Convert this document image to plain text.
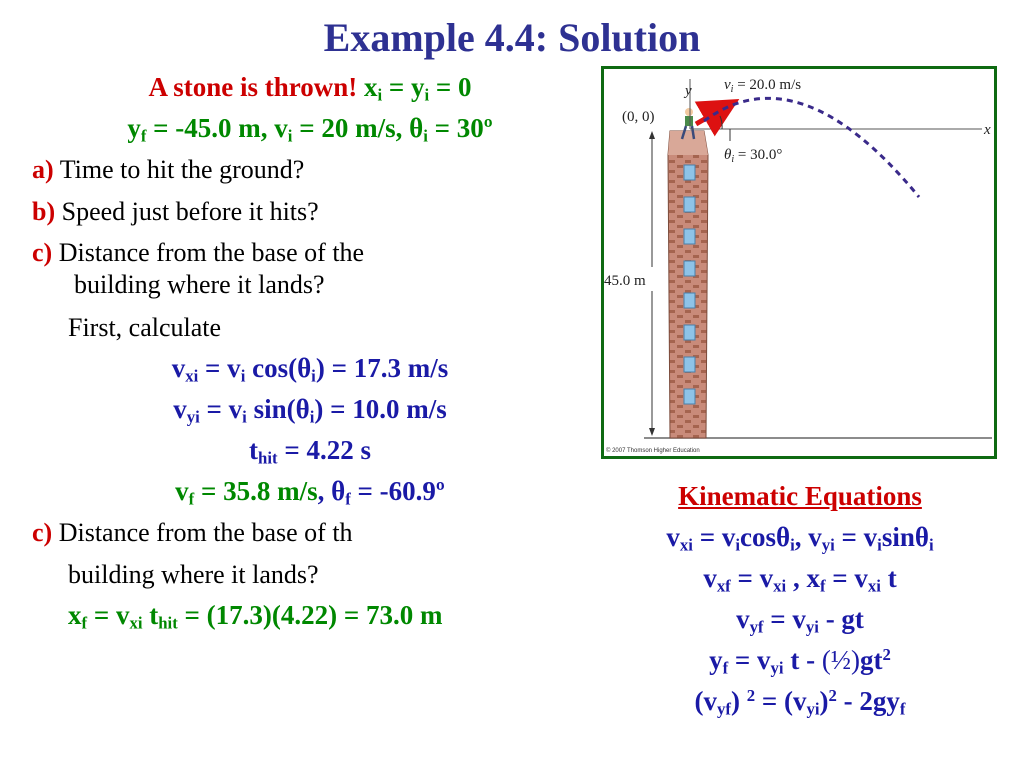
Example 4.4: Solution
A stone is thrown! $x_i = y_i = 0$
$y_f = -45.0$ m, $v_i = 20$ m/s, $\theta_i$ = 30º
a) Time to hit the ground?
b) Speed just before it hits?
c) Distance from the base of the
building where it lands?
First, calculate
$v_{xi} = v_i$ $\cos(\theta_i) = 17.3$ m/s
$v_{yi} = v_i$ $\sin(\theta_i) = 10.0$ m/s
$t_{hit} = 4.22$ s
$v_f = 35.8$ m/s, $\theta_f$ = -60.9º
c) Distance from the base of th
building where it lands?
$x_f = v_{xi}$ $t_{hit} = (17.3)(4.22) = 73.0$ m
$v_i = 20.0$ m/s
(0, 0)
y
x
$\theta_i = 30.0^\circ$
45.0 m
© 2007 Thomson Higher Education
Kinematic Equations
$v_{xi} = v_i\cos\theta_i$, $v_{yi} = v_i\sin\theta_i$
$v_{xf} = v_{xi}$ , $x_f = v_{xi}$ t
$v_{yf} = v_{yi}$ - gt
$y_f = v_{yi}$ t - $(\frac{1}{2})gt^2$
$(v_{yf}) ^2 = (v_{yi})^2 - 2gy_f$
